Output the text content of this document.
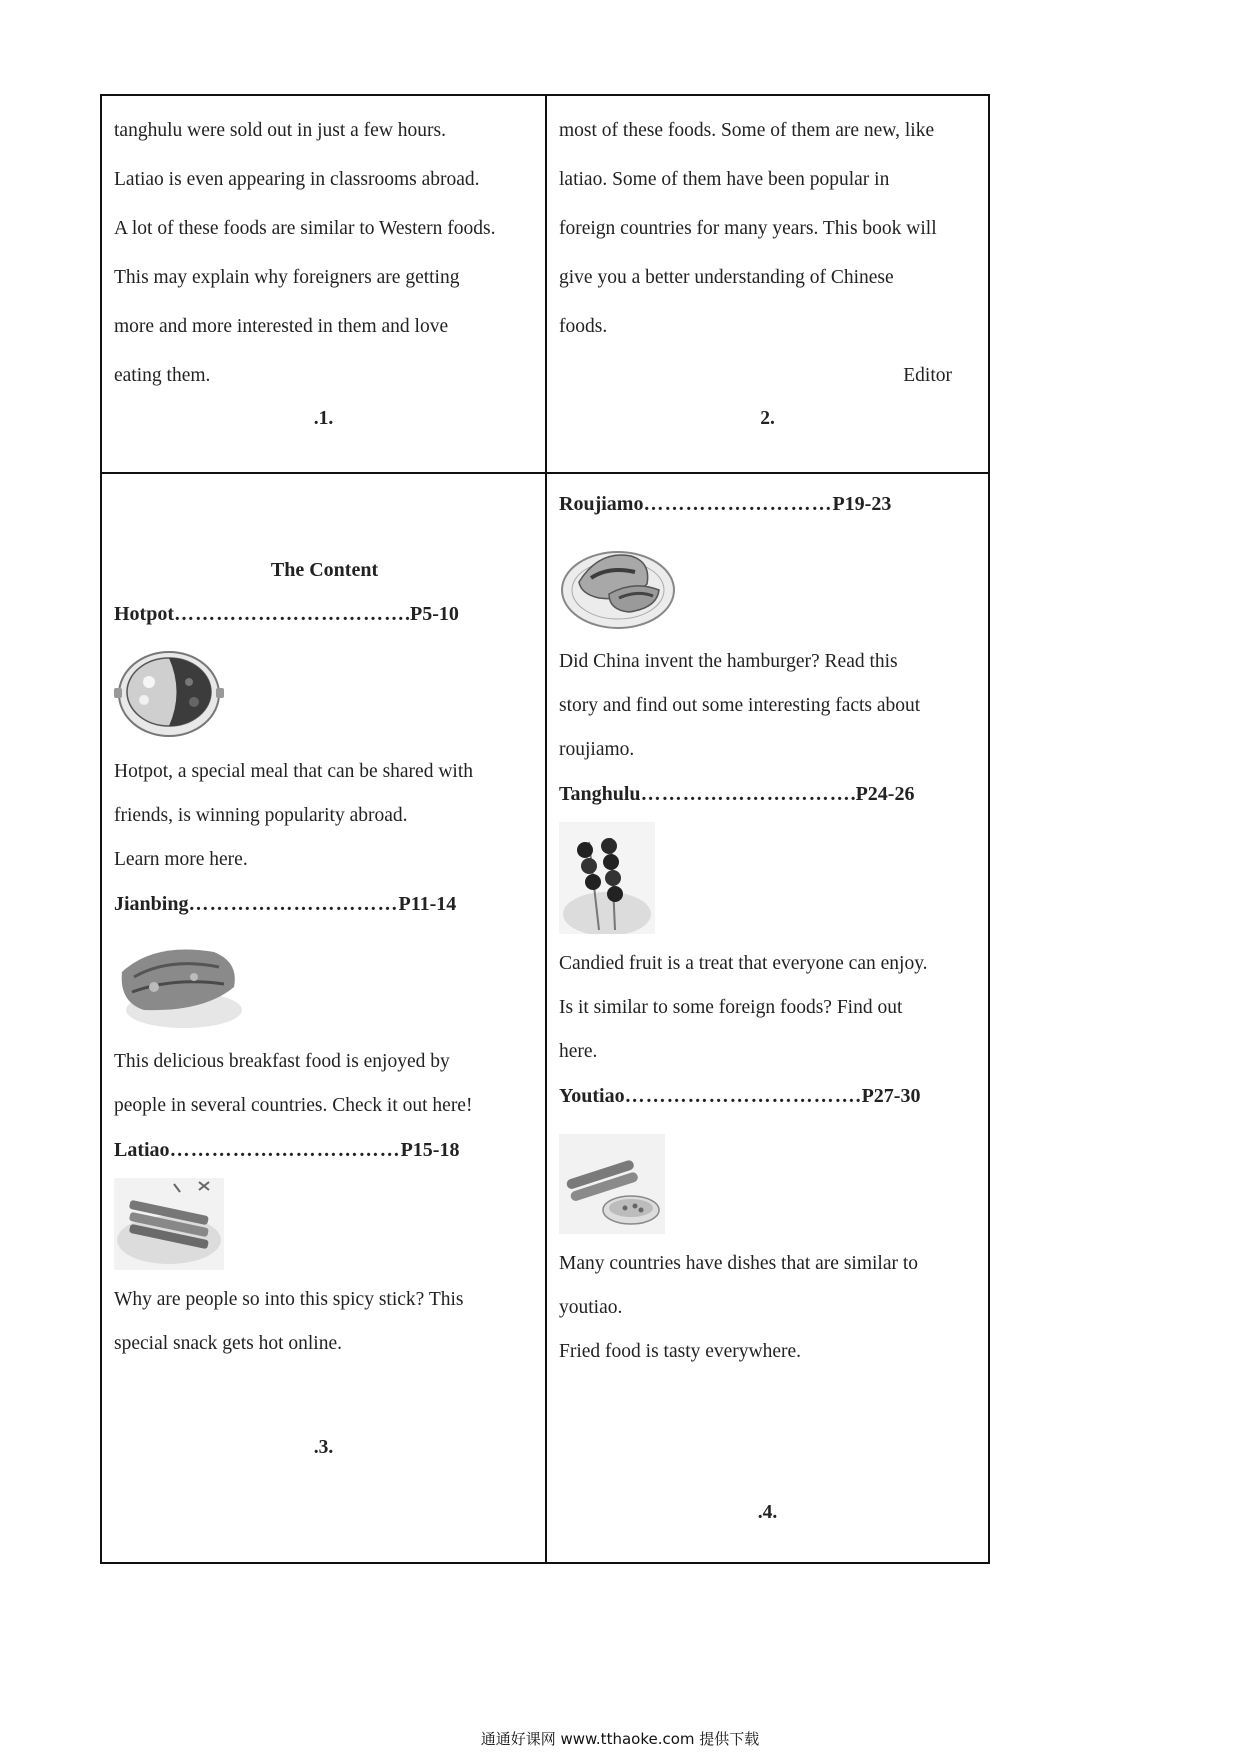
tanghulu were sold out in just a few hours.

Latiao is even appearing in classrooms abroad.

A lot of these foods are similar to Western foods.

This may explain why foreigners are getting

more and more interested in them and love

eating them.

.1.

most of these foods. Some of them are new, like

latiao. Some of them have been popular in

foreign countries for many years. This book will

give you a better understanding of Chinese

foods.

Editor

2.

The Content

Hotpot …………………………… .P5-10

Hotpot, a special meal that can be shared with

friends, is winning popularity abroad.

Learn more here.

Jianbing ………………………… P11-14

This delicious breakfast food is enjoyed by

people in several countries. Check it out here!

Latiao …………………………… P15-18

Why are people so into this spicy stick? This

special snack gets hot online.

.3.
Roujiamo ……………………… P19-23

Did China invent the hamburger? Read this

story and find out some interesting facts about

roujiamo.

Tanghulu ………………………… .P24-26

Candied fruit is a treat that everyone can enjoy.

Is it similar to some foreign foods? Find out

here.

Youtiao ……………………………. P27-30

Many countries have dishes that are similar to

youtiao.

Fried food is tasty everywhere.

.4.
通通好课网 www.tthaoke.com 提供下载
